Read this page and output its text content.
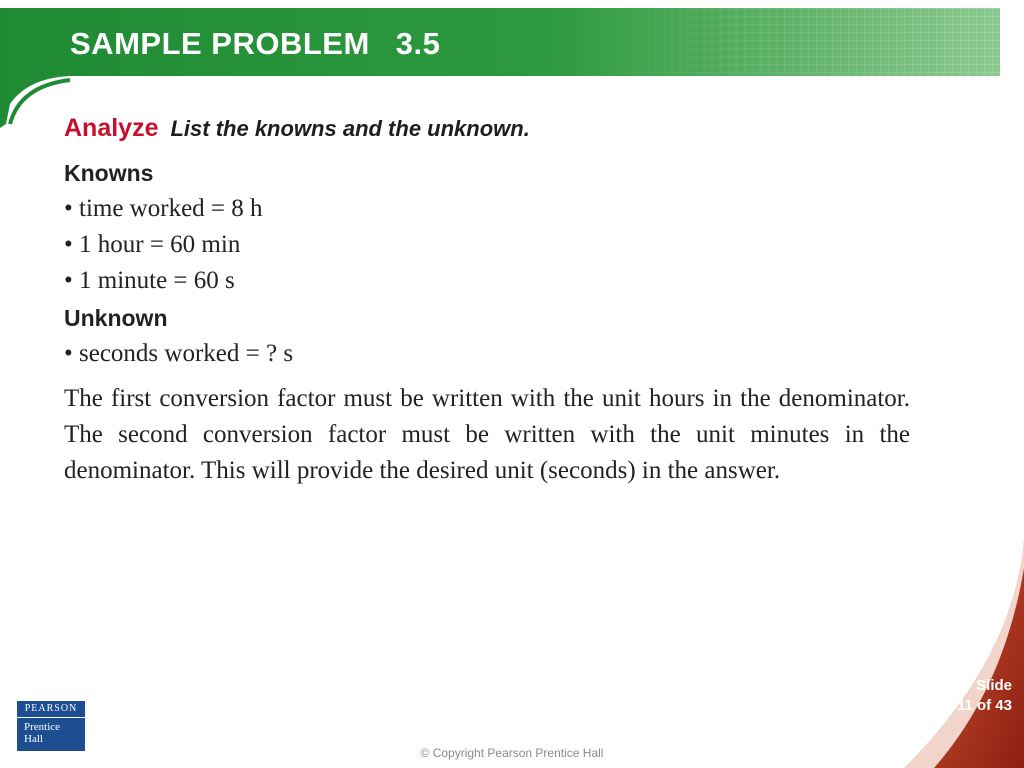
SAMPLE PROBLEM 3.5
Analyze List the knowns and the unknown.
Knowns
• time worked = 8 h
• 1 hour = 60 min
• 1 minute = 60 s
Unknown
• seconds worked = ? s
The first conversion factor must be written with the unit hours in the denominator. The second conversion factor must be written with the unit minutes in the denominator. This will provide the desired unit (seconds) in the answer.
Slide
11 of 43
PEARSON
Prentice
Hall
© Copyright Pearson Prentice Hall
